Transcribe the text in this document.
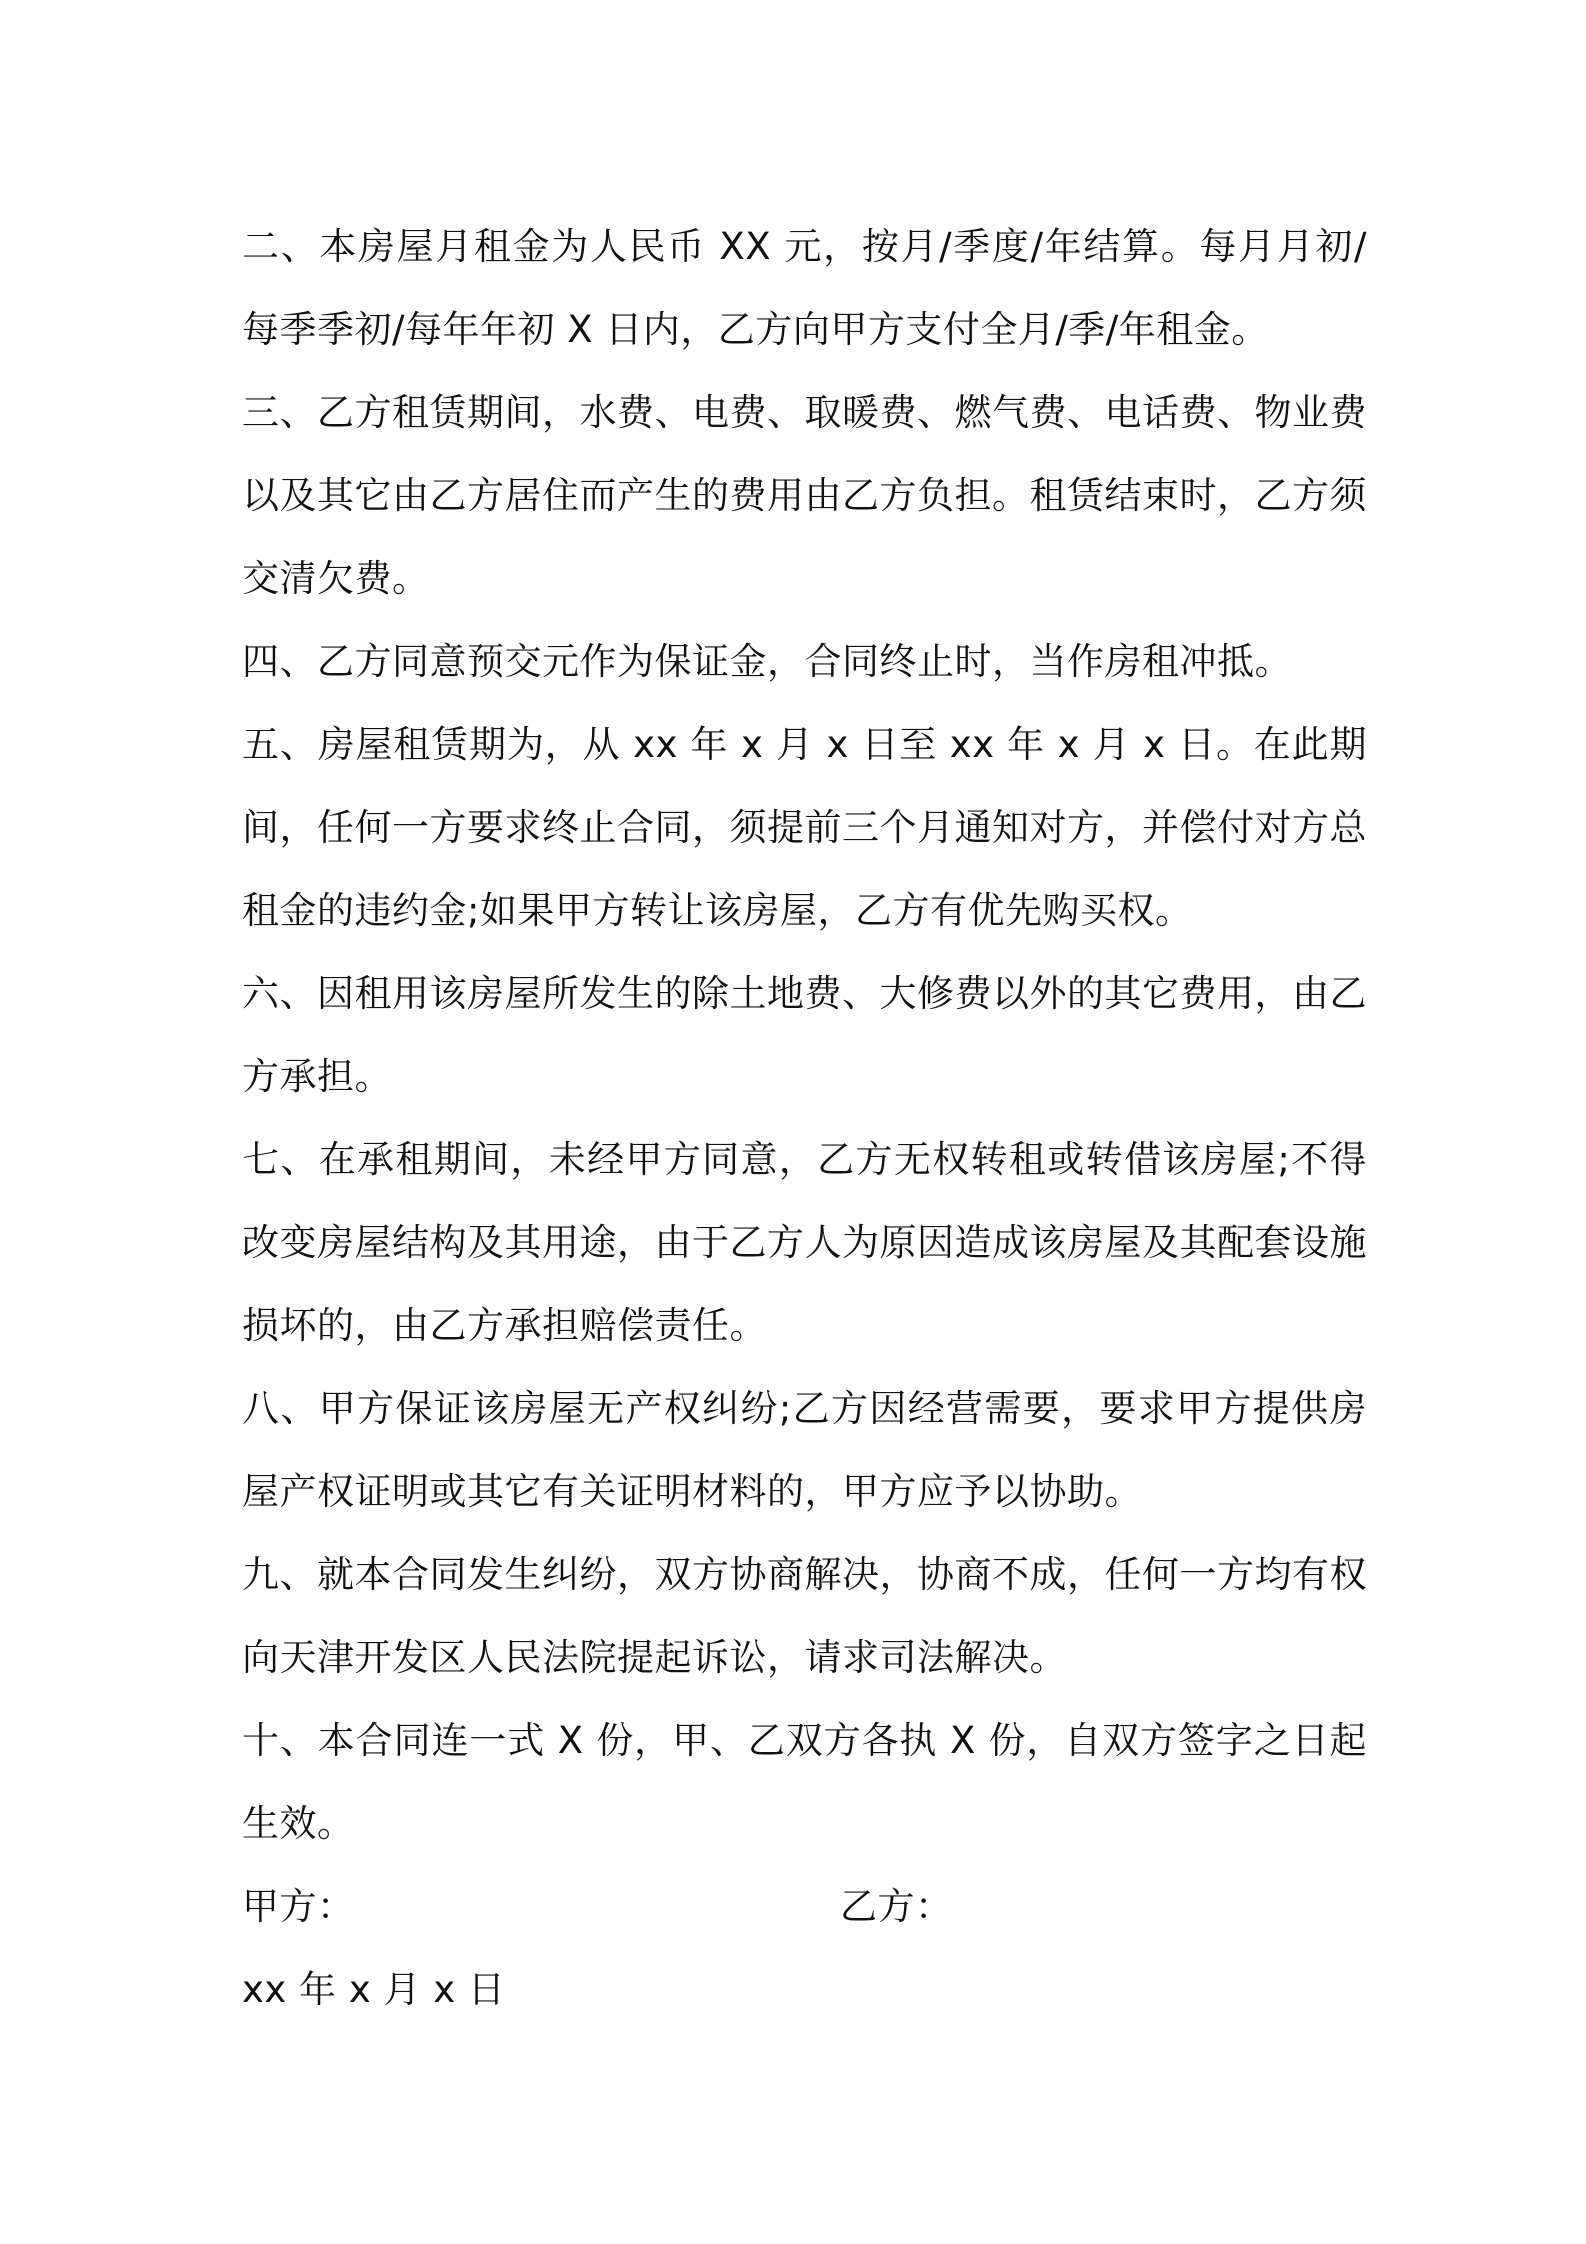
二、本房屋月租金为人民币 XX 元，按月/季度/年结算。每月月初/每季季初/每年年初 X 日内，乙方向甲方支付全月/季/年租金。

三、乙方租赁期间，水费、电费、取暖费、燃气费、电话费、物业费以及其它由乙方居住而产生的费用由乙方负担。租赁结束时，乙方须交清欠费。

四、乙方同意预交元作为保证金，合同终止时，当作房租冲抵。

五、房屋租赁期为，从 xx 年 x 月 x 日至 xx 年 x 月 x 日。在此期间，任何一方要求终止合同，须提前三个月通知对方，并偿付对方总租金的违约金;如果甲方转让该房屋，乙方有优先购买权。

六、因租用该房屋所发生的除土地费、大修费以外的其它费用，由乙方承担。

七、在承租期间，未经甲方同意，乙方无权转租或转借该房屋;不得改变房屋结构及其用途，由于乙方人为原因造成该房屋及其配套设施损坏的，由乙方承担赔偿责任。

八、甲方保证该房屋无产权纠纷;乙方因经营需要，要求甲方提供房屋产权证明或其它有关证明材料的，甲方应予以协助。

九、就本合同发生纠纷，双方协商解决，协商不成，任何一方均有权向天津开发区人民法院提起诉讼，请求司法解决。

十、本合同连一式 X 份，甲、乙双方各执 X 份，自双方签字之日起生效。

甲方：	乙方：

xx 年 x 月 x 日
